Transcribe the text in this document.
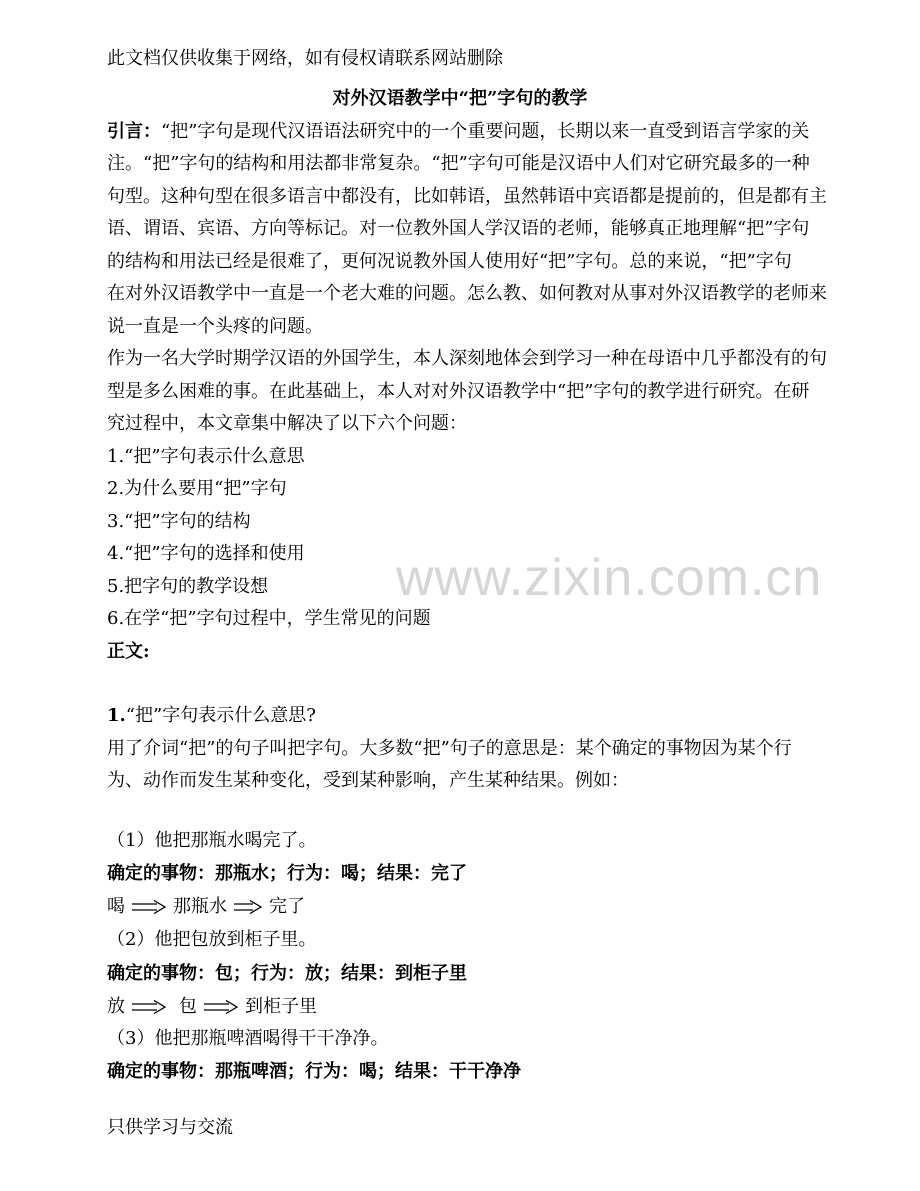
www.zixin.com.cn
此文档仅供收集于网络，如有侵权请联系网站删除
对外汉语教学中“把”字句的教学
引言：“把”字句是现代汉语语法研究中的一个重要问题，长期以来一直受到语言学家的关
注。“把”字句的结构和用法都非常复杂。“把”字句可能是汉语中人们对它研究最多的一种
句型。这种句型在很多语言中都没有，比如韩语，虽然韩语中宾语都是提前的，但是都有主
语、谓语、宾语、方向等标记。对一位教外国人学汉语的老师，能够真正地理解“把”字句
的结构和用法已经是很难了，更何况说教外国人使用好“把”字句。总的来说，“把”字句
在对外汉语教学中一直是一个老大难的问题。怎么教、如何教对从事对外汉语教学的老师来
说一直是一个头疼的问题。
作为一名大学时期学汉语的外国学生，本人深刻地体会到学习一种在母语中几乎都没有的句
型是多么困难的事。在此基础上，本人对对外汉语教学中“把”字句的教学进行研究。在研
究过程中，本文章集中解决了以下六个问题：
1.“把”字句表示什么意思
2.为什么要用“把”字句
3.“把”字句的结构
4.“把”字句的选择和使用
5.把字句的教学设想
6.在学“把”字句过程中，学生常见的问题
正文:
1.“把”字句表示什么意思?
用了介词“把”的句子叫把字句。大多数“把”句子的意思是：某个确定的事物因为某个行
为、动作而发生某种变化，受到某种影响，产生某种结果。例如：
（1）他把那瓶水喝完了。
确定的事物：那瓶水；行为：喝；结果：完了
喝	那瓶水 完了
（2）他把包放到柜子里。
确定的事物：包；行为：放；结果：到柜子里
放	包	到柜子里
（3）他把那瓶啤酒喝得干干净净。
确定的事物：那瓶啤酒；行为：喝；结果：干干净净
只供学习与交流
